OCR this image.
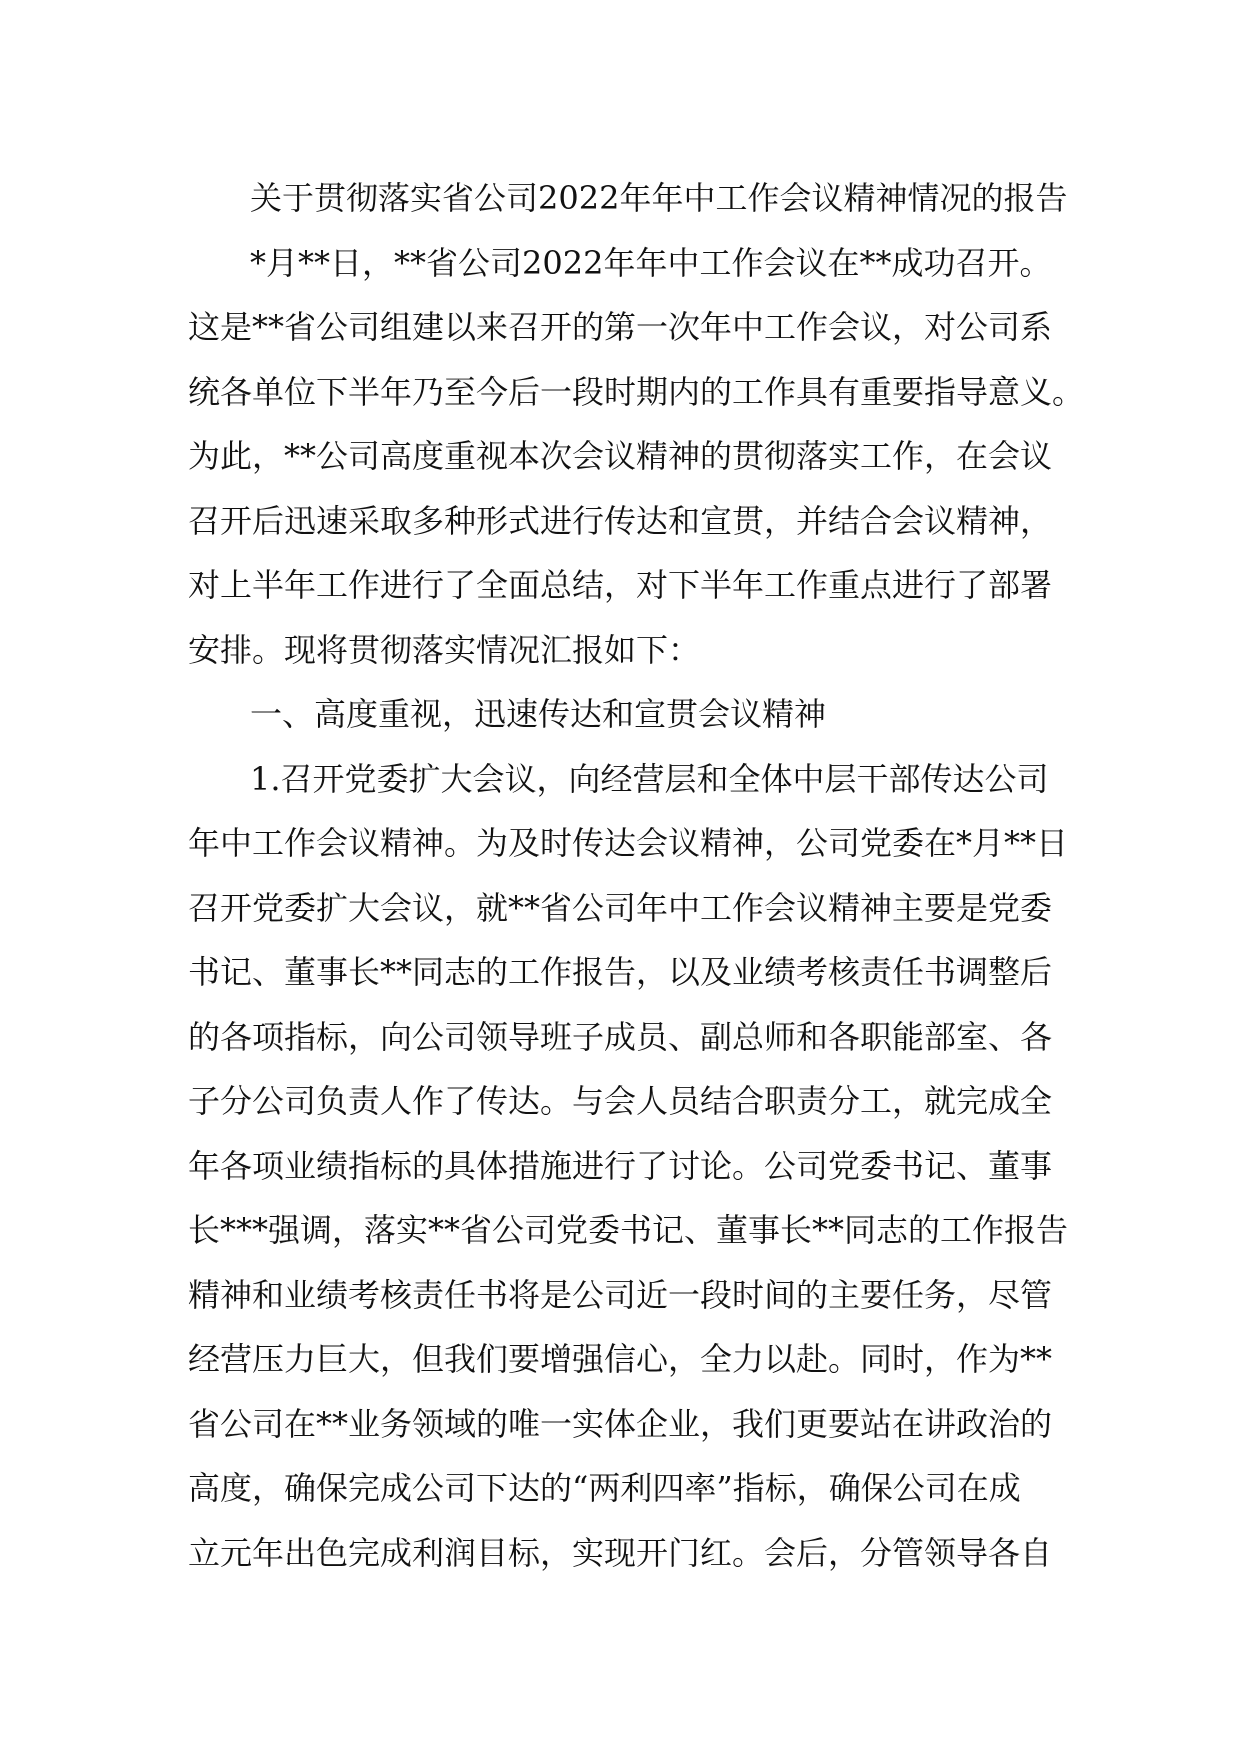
关于贯彻落实省公司2022年年中工作会议精神情况的报告
*月**日，**省公司2022年年中工作会议在**成功召开。
这是**省公司组建以来召开的第一次年中工作会议，对公司系
统各单位下半年乃至今后一段时期内的工作具有重要指导意义。
为此，**公司高度重视本次会议精神的贯彻落实工作，在会议
召开后迅速采取多种形式进行传达和宣贯，并结合会议精神，
对上半年工作进行了全面总结，对下半年工作重点进行了部署
安排。现将贯彻落实情况汇报如下：
一、高度重视，迅速传达和宣贯会议精神
1.召开党委扩大会议，向经营层和全体中层干部传达公司
年中工作会议精神。为及时传达会议精神，公司党委在*月**日
召开党委扩大会议，就**省公司年中工作会议精神主要是党委
书记、董事长**同志的工作报告，以及业绩考核责任书调整后
的各项指标，向公司领导班子成员、副总师和各职能部室、各
子分公司负责人作了传达。与会人员结合职责分工，就完成全
年各项业绩指标的具体措施进行了讨论。公司党委书记、董事
长***强调，落实**省公司党委书记、董事长**同志的工作报告
精神和业绩考核责任书将是公司近一段时间的主要任务，尽管
经营压力巨大，但我们要增强信心，全力以赴。同时，作为**
省公司在**业务领域的唯一实体企业，我们更要站在讲政治的
高度，确保完成公司下达的“两利四率”指标，确保公司在成
立元年出色完成利润目标，实现开门红。会后，分管领导各自
